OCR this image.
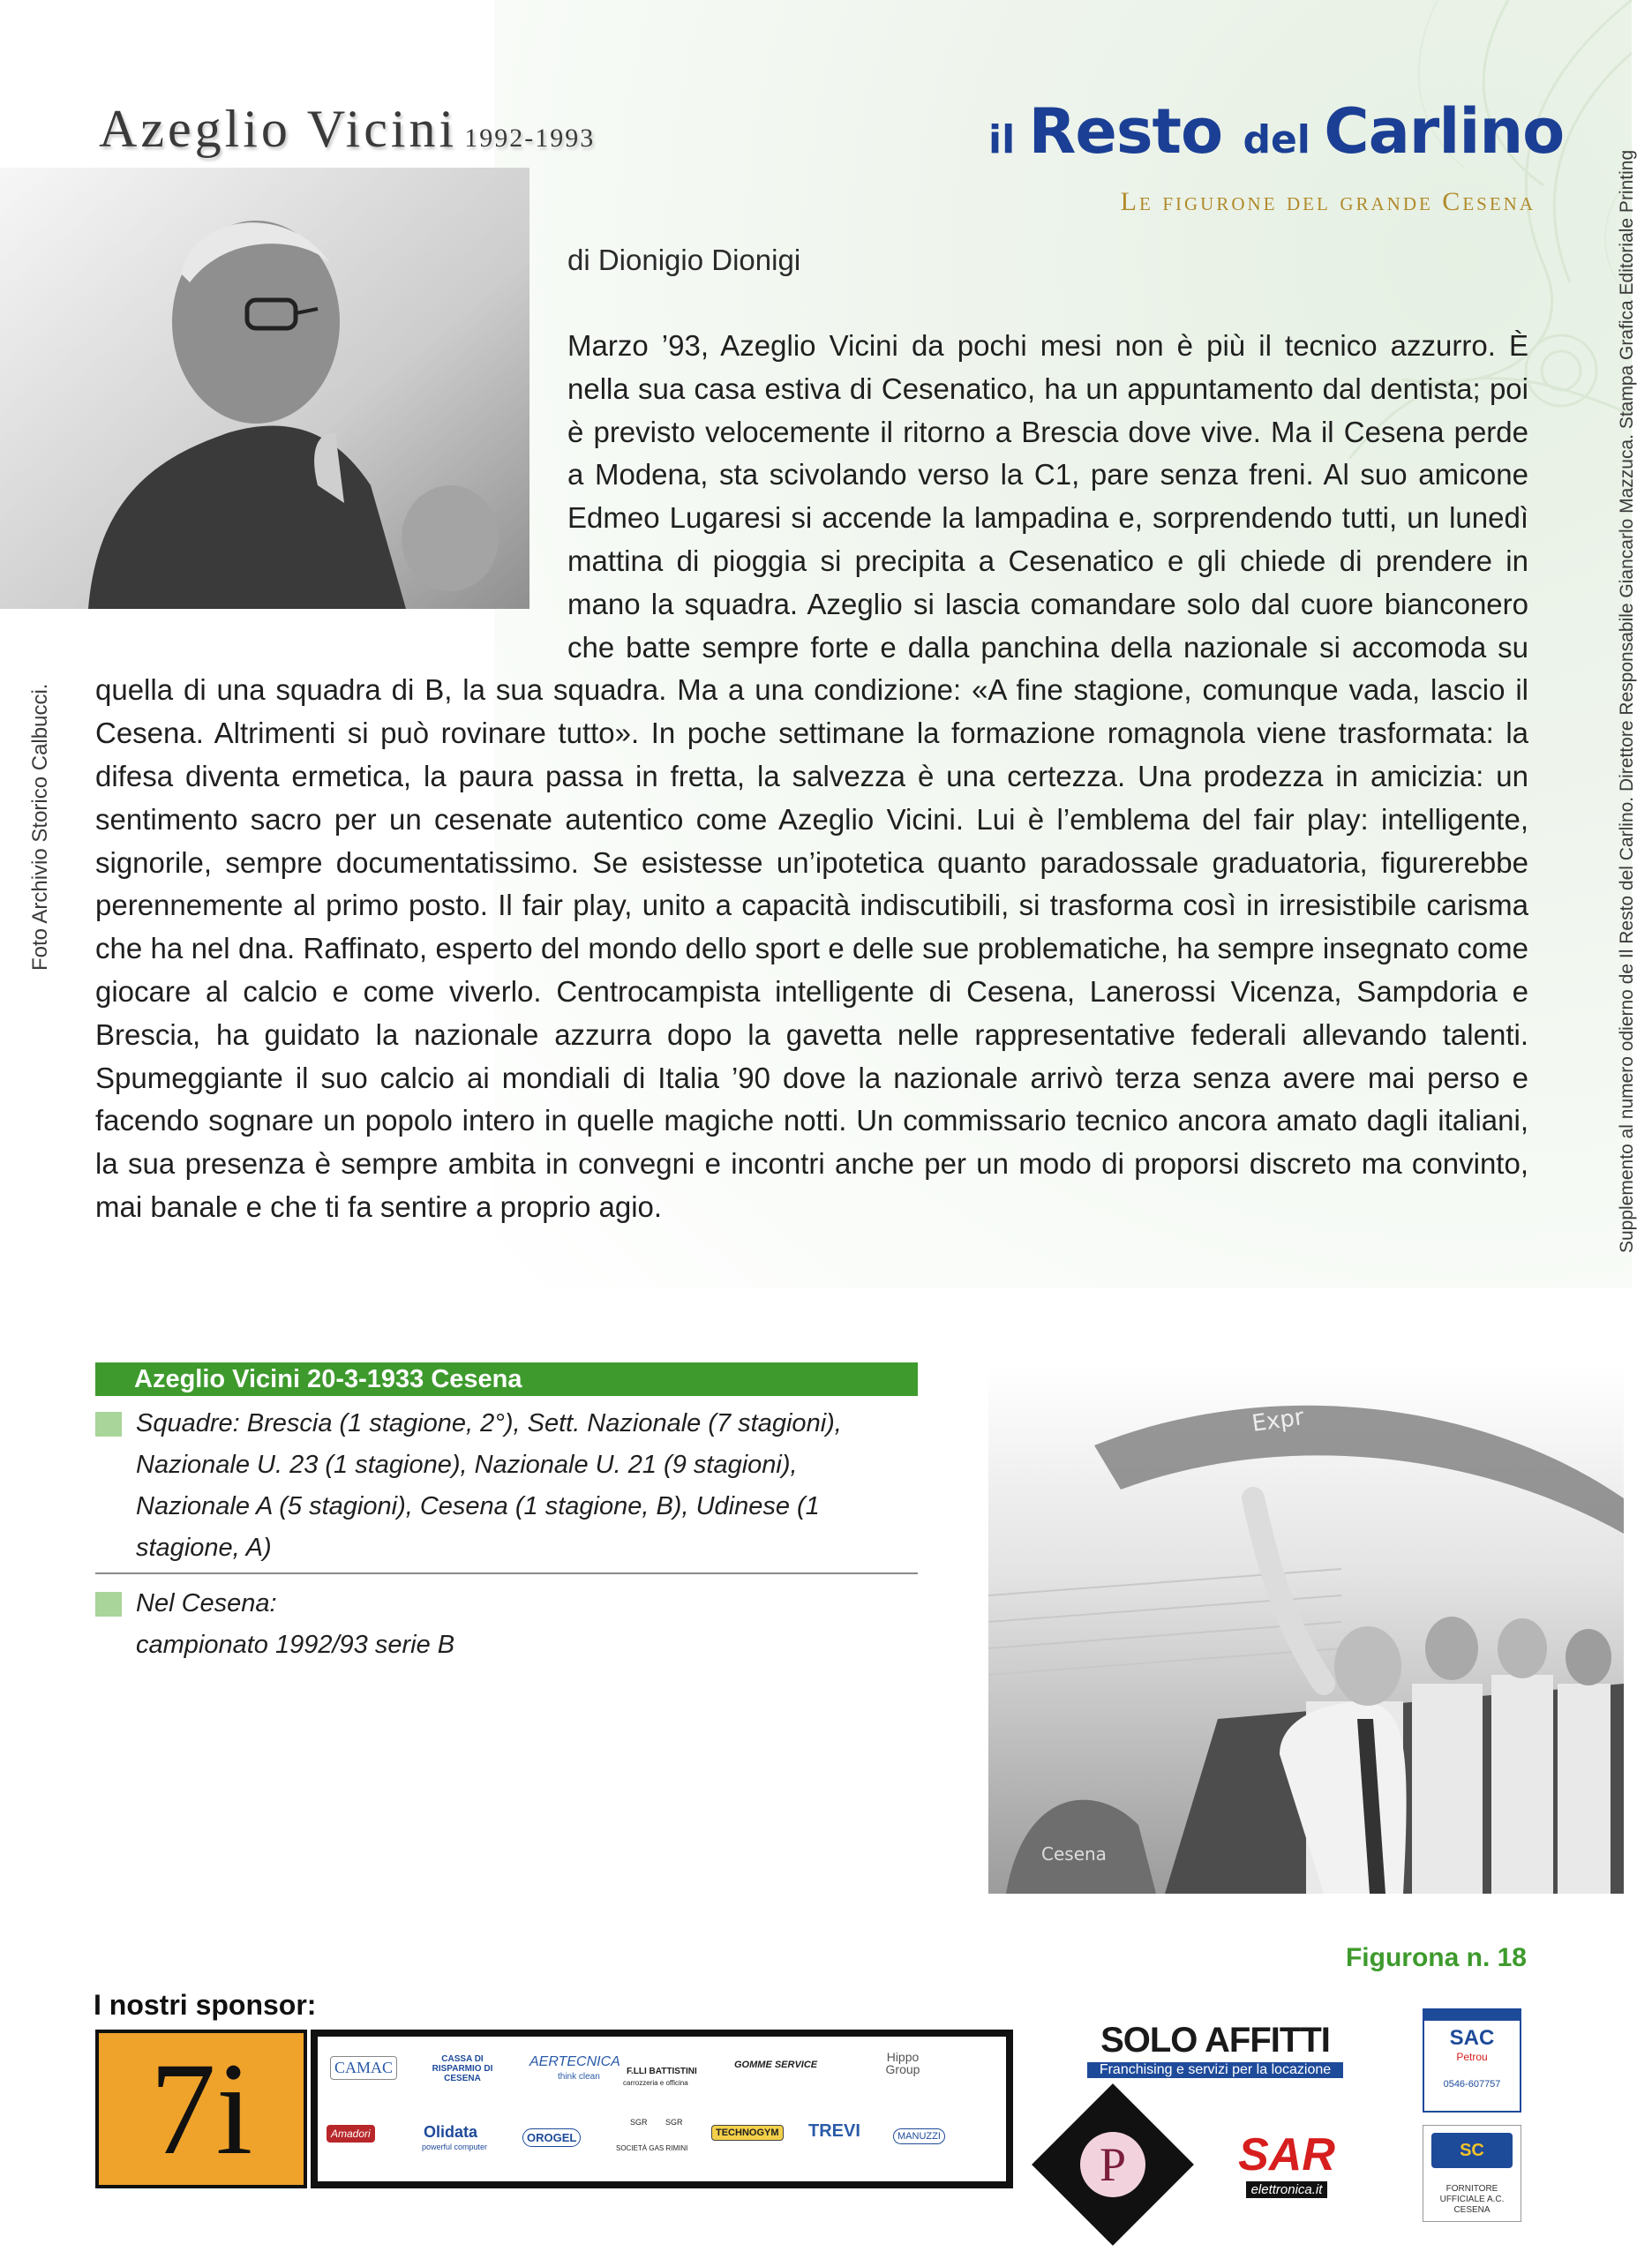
Azeglio Vicini 1992-1993	il Resto del Carlino
Le figurone del grande Cesena
Foto Archivio Storico Calbucci.	Supplemento al numero odierno de Il Resto del Carlino. Direttore Responsabile Giancarlo Mazzuca. Stampa Grafica Editoriale Printing
di Dionigio Dionigi

Marzo ’93, Azeglio Vicini da pochi mesi non è più il tecnico azzurro. È nella sua casa estiva di Cesenatico, ha un appuntamento dal dentista; poi è previsto velocemente il ritorno a Brescia dove vive. Ma il Cesena perde a Modena, sta scivolando verso la C1, pare senza freni. Al suo amicone Edmeo Lugaresi si accende la lampadina e, sorprendendo tutti, un lunedì mattina di pioggia si precipita a Cesenatico e gli chiede di prendere in mano la squadra. Azeglio si lascia comandare solo dal cuore bianconero che batte sempre forte e dalla panchina della nazionale si accomoda su quella di una squadra di B, la sua squadra. Ma a una condizione: «A fine stagione, comunque vada, lascio il Cesena. Altrimenti si può rovinare tutto». In poche settimane la formazione romagnola viene trasformata: la difesa diventa ermetica, la paura passa in fretta, la salvezza è una certezza. Una prodezza in amicizia: un sentimento sacro per un cesenate autentico come Azeglio Vicini. Lui è l’emblema del fair play: intelligente, signorile, sempre documentatissimo. Se esistesse un’ipotetica quanto paradossale graduatoria, figurerebbe perennemente al primo posto. Il fair play, unito a capacità indiscutibili, si trasforma così in irresistibile carisma che ha nel dna. Raffinato, esperto del mondo dello sport e delle sue problematiche, ha sempre insegnato come giocare al calcio e come viverlo. Centrocampista intelligente di Cesena, Lanerossi Vicenza, Sampdoria e Brescia, ha guidato la nazionale azzurra dopo la gavetta nelle rappresentative federali allevando talenti. Spumeggiante il suo calcio ai mondiali di Italia ’90 dove la nazionale arrivò terza senza avere mai perso e facendo sognare un popolo intero in quelle magiche notti. Un commissario tecnico ancora amato dagli italiani, la sua presenza è sempre ambita in convegni e incontri anche per un modo di proporsi discreto ma convinto, mai banale e che ti fa sentire a proprio agio.

Azeglio Vicini 20-3-1933 Cesena
Squadre: Brescia (1 stagione, 2°), Sett. Nazionale (7 stagioni), Nazionale U. 23 (1 stagione), Nazionale U. 21 (9 stagioni), Nazionale A (5 stagioni), Cesena (1 stagione, B), Udinese (1 stagione, A)
Nel Cesena:
campionato 1992/93 serie B
Expr
Cesena
Figurona n. 18
I nostri sponsor:
7i	CAMAC	CASSA DI RISPARMIO DI CESENA
AERTECNICA
think clean
F.LLI BATTISTINI
carrozzeria e officina
GOMME SERVICE
Hippo Group
Amadori	Olidata
powerful computer
OROGEL
SGR SGR
SOCIETÀ GAS RIMINI
TECHNOGYM TREVI	MANUZZI
SOLO AFFITTI
Franchising e servizi per la locazione

SAC
Petrou
0546-607757
P	SAR
elettronica.it
SC
FORNITORE UFFICIALE A.C. CESENA
